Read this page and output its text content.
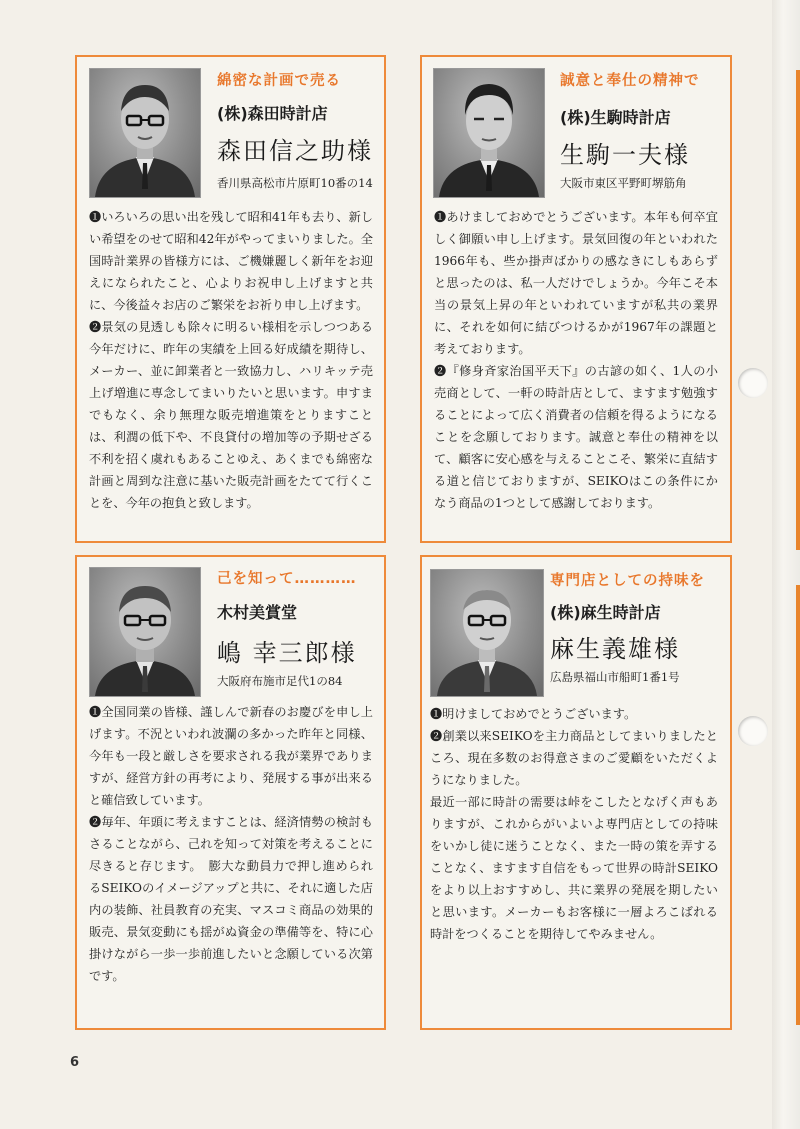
綿密な計画で売る
(株)森田時計店
森田信之助様
香川県高松市片原町10番の14

❶いろいろの思い出を残して昭和41年も去り、新しい希望をのせて昭和42年がやってまいりました。全国時計業界の皆様方には、ご機嫌麗しく新年をお迎えになられたこと、心よりお祝申し上げますと共に、今後益々お店のご繁栄をお祈り申し上げます。

❷景気の見透しも除々に明るい様相を示しつつある今年だけに、昨年の実績を上回る好成績を期待し、メーカー、並に卸業者と一致協力し、ハリキッテ売上げ増進に専念してまいりたいと思います。申すまでもなく、余り無理な販売増進策をとりますことは、利潤の低下や、不良貸付の増加等の予期せざる不利を招く虞れもあることゆえ、あくまでも綿密な計画と周到な注意に基いた販売計画をたてて行くことを、今年の抱負と致します。

誠意と奉仕の精神で
(株)生駒時計店
生駒一夫様
大阪市東区平野町堺筋角

❶あけましておめでとうございます。本年も何卒宜しく御願い申し上げます。景気回復の年といわれた1966年も、些か掛声ばかりの感なきにしもあらずと思ったのは、私一人だけでしょうか。今年こそ本当の景気上昇の年といわれていますが私共の業界に、それを如何に結びつけるかが1967年の課題と考えております。

❷『修身斉家治国平天下』の古諺の如く、1人の小売商として、一軒の時計店として、ますます勉強することによって広く消費者の信頼を得るようになることを念願しております。誠意と奉仕の精神を以て、顧客に安心感を与えることこそ、繁栄に直結する道と信じておりますが、SEIKOはこの条件にかなう商品の1つとして感謝しております。

己を知って…………
木村美賞堂
嶋 幸三郎様
大阪府布施市足代1の84

❶全国同業の皆様、謹しんで新春のお慶びを申し上げます。不況といわれ波瀾の多かった昨年と同様、今年も一段と厳しさを要求される我が業界でありますが、経営方針の再考により、発展する事が出来ると確信致しています。

❷毎年、年頭に考えますことは、経済情勢の検討もさることながら、己れを知って対策を考えることに尽きると存じます。　膨大な動員力で押し進められるSEIKOのイメージアップと共に、それに適した店内の装飾、社員教育の充実、マスコミ商品の効果的販売、景気変動にも揺がぬ資金の準備等を、特に心掛けながら一歩一歩前進したいと念願している次第です。

専門店としての持味を
(株)麻生時計店
麻生義雄様
広島県福山市船町1番1号

❶明けましておめでとうございます。

❷創業以来SEIKOを主力商品としてまいりましたところ、現在多数のお得意さまのご愛顧をいただくようになりました。

最近一部に時計の需要は峠をこしたとなげく声もありますが、これからがいよいよ専門店としての持味をいかし徒に迷うことなく、また一時の策を弄することなく、ますます自信をもって世界の時計SEIKOをより以上おすすめし、共に業界の発展を期したいと思います。メーカーもお客様に一層よろこばれる時計をつくることを期待してやみません。

6
